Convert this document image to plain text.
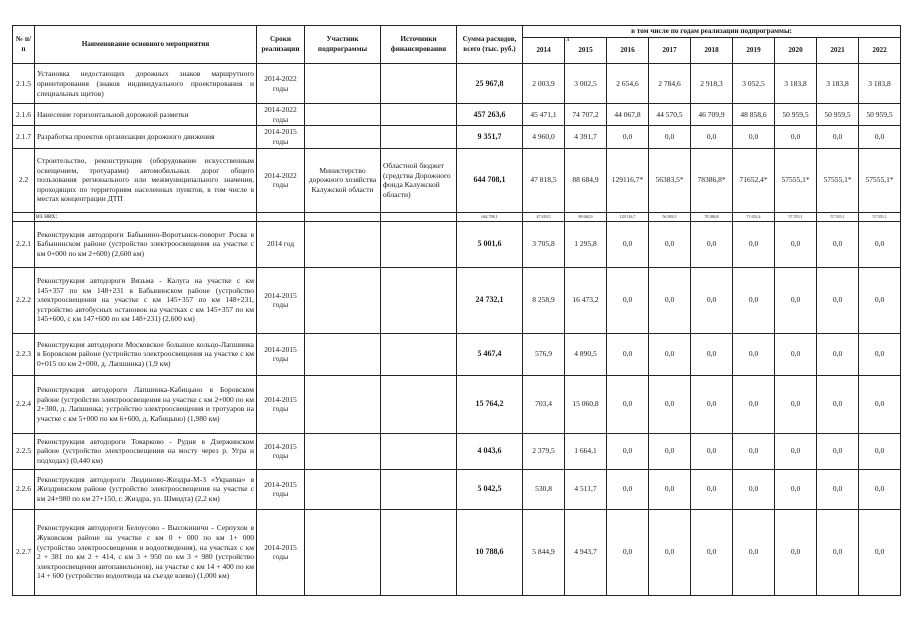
л
№ п/п	Наименование основного мероприятия	Сроки реализации	Участник подпрограммы	Источники финансирования	Сумма расходов, всего (тыс. руб.)	в том числе по годам реализации подпрограммы:								
						2014	2015	2016	2017	2018	2019	2020	2021	2022
2.1.5	Установка недостающих дорожных знаков маршрутного ориентирования (знаков индивидуального проектирования и специальных щитов)	2014-2022 годы			25 967,8	2 003,9	3 002,5	2 654,6	2 784,6	2 918,3	3 052,5	3 183,8	3 183,8	3 183,8
2.1.6	Нанесение горизонтальной дорожной разметки	2014-2022 годы			457 263,6	45 471,1	74 707,2	44 067,8	44 570,5	46 709,9	48 858,6	50 959,5	50 959,5	50 959,5
2.1.7	Разработка проектов организации дорожного движения	2014-2015 годы			9 351,7	4 960,0	4 391,7	0,0	0,0	0,0	0,0	0,0	0,0	0,0
2.2	Строительство, реконструкция (оборудование искусственным освещением, тротуарами) автомобильных дорог общего пользования регионального или межмуниципального значения, проходящих по территориям населенных пунктов, в том числе в местах концентрации ДТП	2014-2022 годы	Министерство дорожного хозяйства Калужской области	Областной бюджет (средства Дорожного фонда Калужской области)	644 708,1	47 818,5	88 684,9	129116,7*	56383,5*	78386,8*	71652,4*	57555,1*	57555,1*	57555,1*
	из них:				644 708,1	47 818,5	88 684,9	129 116,7	56 383,5	78 386,8	71 652,4	57 555,1	57 555,1	57 555,1
2.2.1	Реконструкция автодороги Бабынино-Воротынск-поворот Росва в Бабынинском районе (устройство электроосвещения на участке с км 0+000 по км 2+600) (2,600 км)	2014 год			5 001,6	3 705,8	1 295,8	0,0	0,0	0,0	0,0	0,0	0,0	0,0
2.2.2	Реконструкция автодороги Вязьма - Калуга на участке с км 145+357 по км 148+231 в Бабынинском районе (устройство электроосвещения на участке с км 145+357 по км 148+231, устройство автобусных остановок на участках с км 145+357 по км 145+600, с км 147+600 по км 148+231) (2,600 км)	2014-2015 годы			24 732,1	8 258,9	16 473,2	0,0	0,0	0,0	0,0	0,0	0,0	0,0
2.2.3	Реконструкция автодороги Московское большое кольцо-Лапшинка в Боровском районе (устройство электроосвещения на участке с км 0+015 по км 2+000, д. Лапшинка) (1,9 км)	2014-2015 годы			5 467,4	576,9	4 890,5	0,0	0,0	0,0	0,0	0,0	0,0	0,0
2.2.4	Реконструкция автодороги Лапшинка-Кабицыно в Боровском районе (устройство электроосвещения на участке с км 2+000 по км 2+380, д. Лапшинка; устройство электроосвещения и тротуаров на участке с км 5+000 по км 6+600, д. Кабицыно) (1,980 км)	2014-2015 годы			15 764,2	703,4	15 060,8	0,0	0,0	0,0	0,0	0,0	0,0	0,0
2.2.5	Реконструкция автодороги Товарково - Рудня в Дзержинском районе (устройство электроосвещения на мосту через р. Угра и подходах) (0,440 км)	2014-2015 годы			4 043,6	2 379,5	1 664,1	0,0	0,0	0,0	0,0	0,0	0,0	0,0
2.2.6	Реконструкция автодороги Людиново-Жиздра-М-3 «Украина» в Жиздринском районе (устройство электроосвещения на участке с км 24+980 по км 27+150, г. Жиздра, ул. Шмидта) (2,2 км)	2014-2015 годы			5 042,5	530,8	4 511,7	0,0	0,0	0,0	0,0	0,0	0,0	0,0
2.2.7	Реконструкция автодороги Белоусово - Высокиничи - Серпухов в Жуковском районе на участке с км 0 + 000 по км 1+ 000 (устройство электроосвещения и водоотведения), на участках с км 2 + 381 по км 2 + 414, с км 3 + 950 по км 3 + 980 (устройство электроосвещения автопавильонов), на участке с км 14 + 400 по км 14 + 600 (устройство водоотвода на съезде влево) (1,000 км)	2014-2015 годы			10 788,6	5 844,9	4 943,7	0,0	0,0	0,0	0,0	0,0	0,0	0,0
